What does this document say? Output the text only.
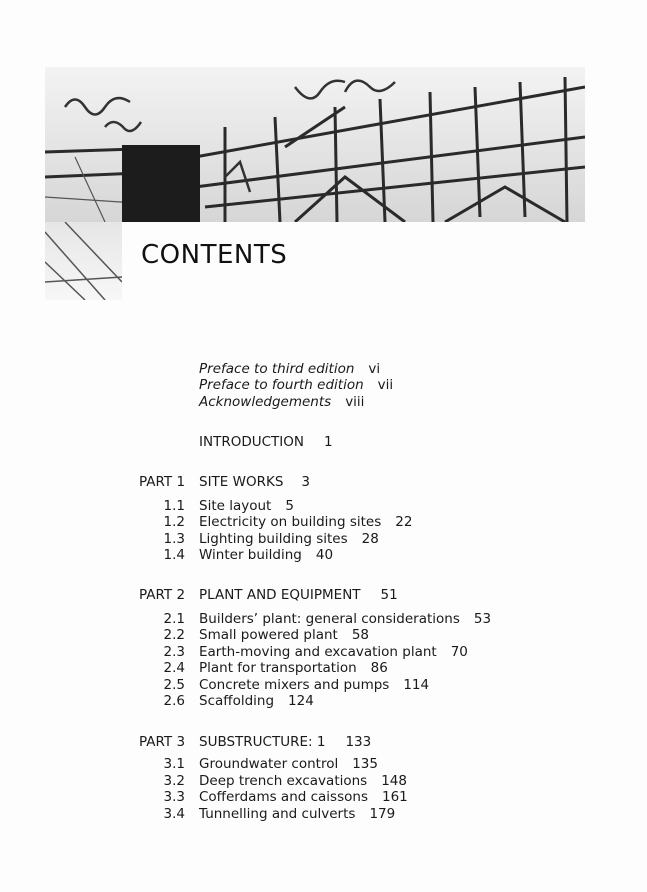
CONTENTS
Preface to third edition vi
Preface to fourth edition vii
Acknowledgements viii
INTRODUCTION 1
PART 1 SITE WORKS 3
1.1 Site layout 5
1.2 Electricity on building sites 22
1.3 Lighting building sites 28
1.4 Winter building 40
PART 2 PLANT AND EQUIPMENT 51
2.1 Builders’ plant: general considerations 53
2.2 Small powered plant 58
2.3 Earth-moving and excavation plant 70
2.4 Plant for transportation 86
2.5 Concrete mixers and pumps 114
2.6 Scaffolding 124
PART 3 SUBSTRUCTURE: 1 133
3.1 Groundwater control 135
3.2 Deep trench excavations 148
3.3 Cofferdams and caissons 161
3.4 Tunnelling and culverts 179
